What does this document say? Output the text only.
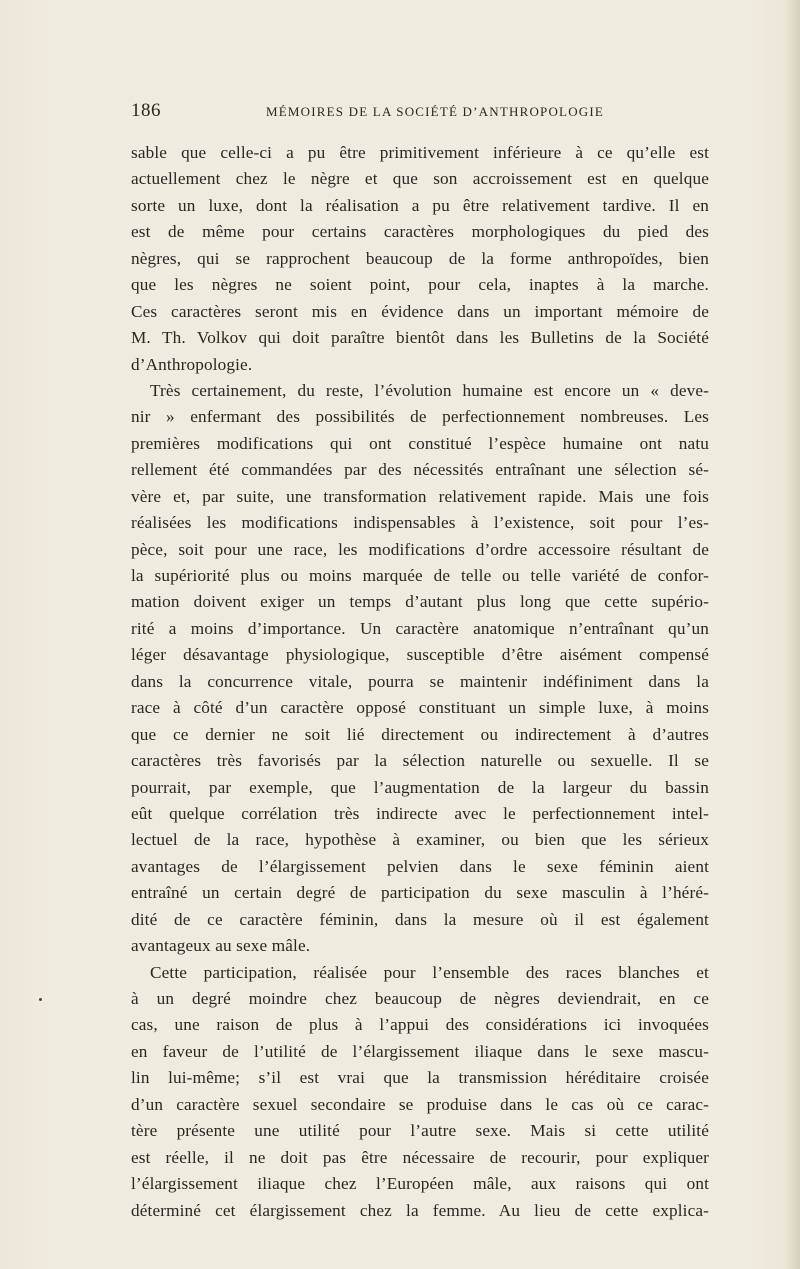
186	MÉMOIRES DE LA SOCIÉTÉ D’ANTHROPOLOGIE
sable que celle-ci a pu être primitivement inférieure à ce qu’elle est
actuellement chez le nègre et que son accroissement est en quelque
sorte un luxe, dont la réalisation a pu être relativement tardive. Il en
est de même pour certains caractères morphologiques du pied des
nègres, qui se rapprochent beaucoup de la forme anthropoïdes, bien
que les nègres ne soient point, pour cela, inaptes à la marche.
Ces caractères seront mis en évidence dans un important mémoire de
M. Th. Volkov qui doit paraître bientôt dans les Bulletins de la Société
d’Anthropologie.
Très certainement, du reste, l’évolution humaine est encore un « deve-
nir » enfermant des possibilités de perfectionnement nombreuses. Les
premières modifications qui ont constitué l’espèce humaine ont natu
rellement été commandées par des nécessités entraînant une sélection sé-
vère et, par suite, une transformation relativement rapide. Mais une fois
réalisées les modifications indispensables à l’existence, soit pour l’es-
pèce, soit pour une race, les modifications d’ordre accessoire résultant de
la supériorité plus ou moins marquée de telle ou telle variété de confor-
mation doivent exiger un temps d’autant plus long que cette supério-
rité a moins d’importance. Un caractère anatomique n’entraînant qu’un
léger désavantage physiologique, susceptible d’être aisément compensé
dans la concurrence vitale, pourra se maintenir indéfiniment dans la
race à côté d’un caractère opposé constituant un simple luxe, à moins
que ce dernier ne soit lié directement ou indirectement à d’autres
caractères très favorisés par la sélection naturelle ou sexuelle. Il se
pourrait, par exemple, que l’augmentation de la largeur du bassin
eût quelque corrélation très indirecte avec le perfectionnement intel-
lectuel de la race, hypothèse à examiner, ou bien que les sérieux
avantages de l’élargissement pelvien dans le sexe féminin aient
entraîné un certain degré de participation du sexe masculin à l’héré-
dité de ce caractère féminin, dans la mesure où il est également
avantageux au sexe mâle.
Cette participation, réalisée pour l’ensemble des races blanches et
à un degré moindre chez beaucoup de nègres deviendrait, en ce
cas, une raison de plus à l’appui des considérations ici invoquées
en faveur de l’utilité de l’élargissement iliaque dans le sexe mascu-
lin lui-même; s’il est vrai que la transmission héréditaire croisée
d’un caractère sexuel secondaire se produise dans le cas où ce carac-
tère présente une utilité pour l’autre sexe. Mais si cette utilité
est réelle, il ne doit pas être nécessaire de recourir, pour expliquer
l’élargissement iliaque chez l’Européen mâle, aux raisons qui ont
déterminé cet élargissement chez la femme. Au lieu de cette explica-
